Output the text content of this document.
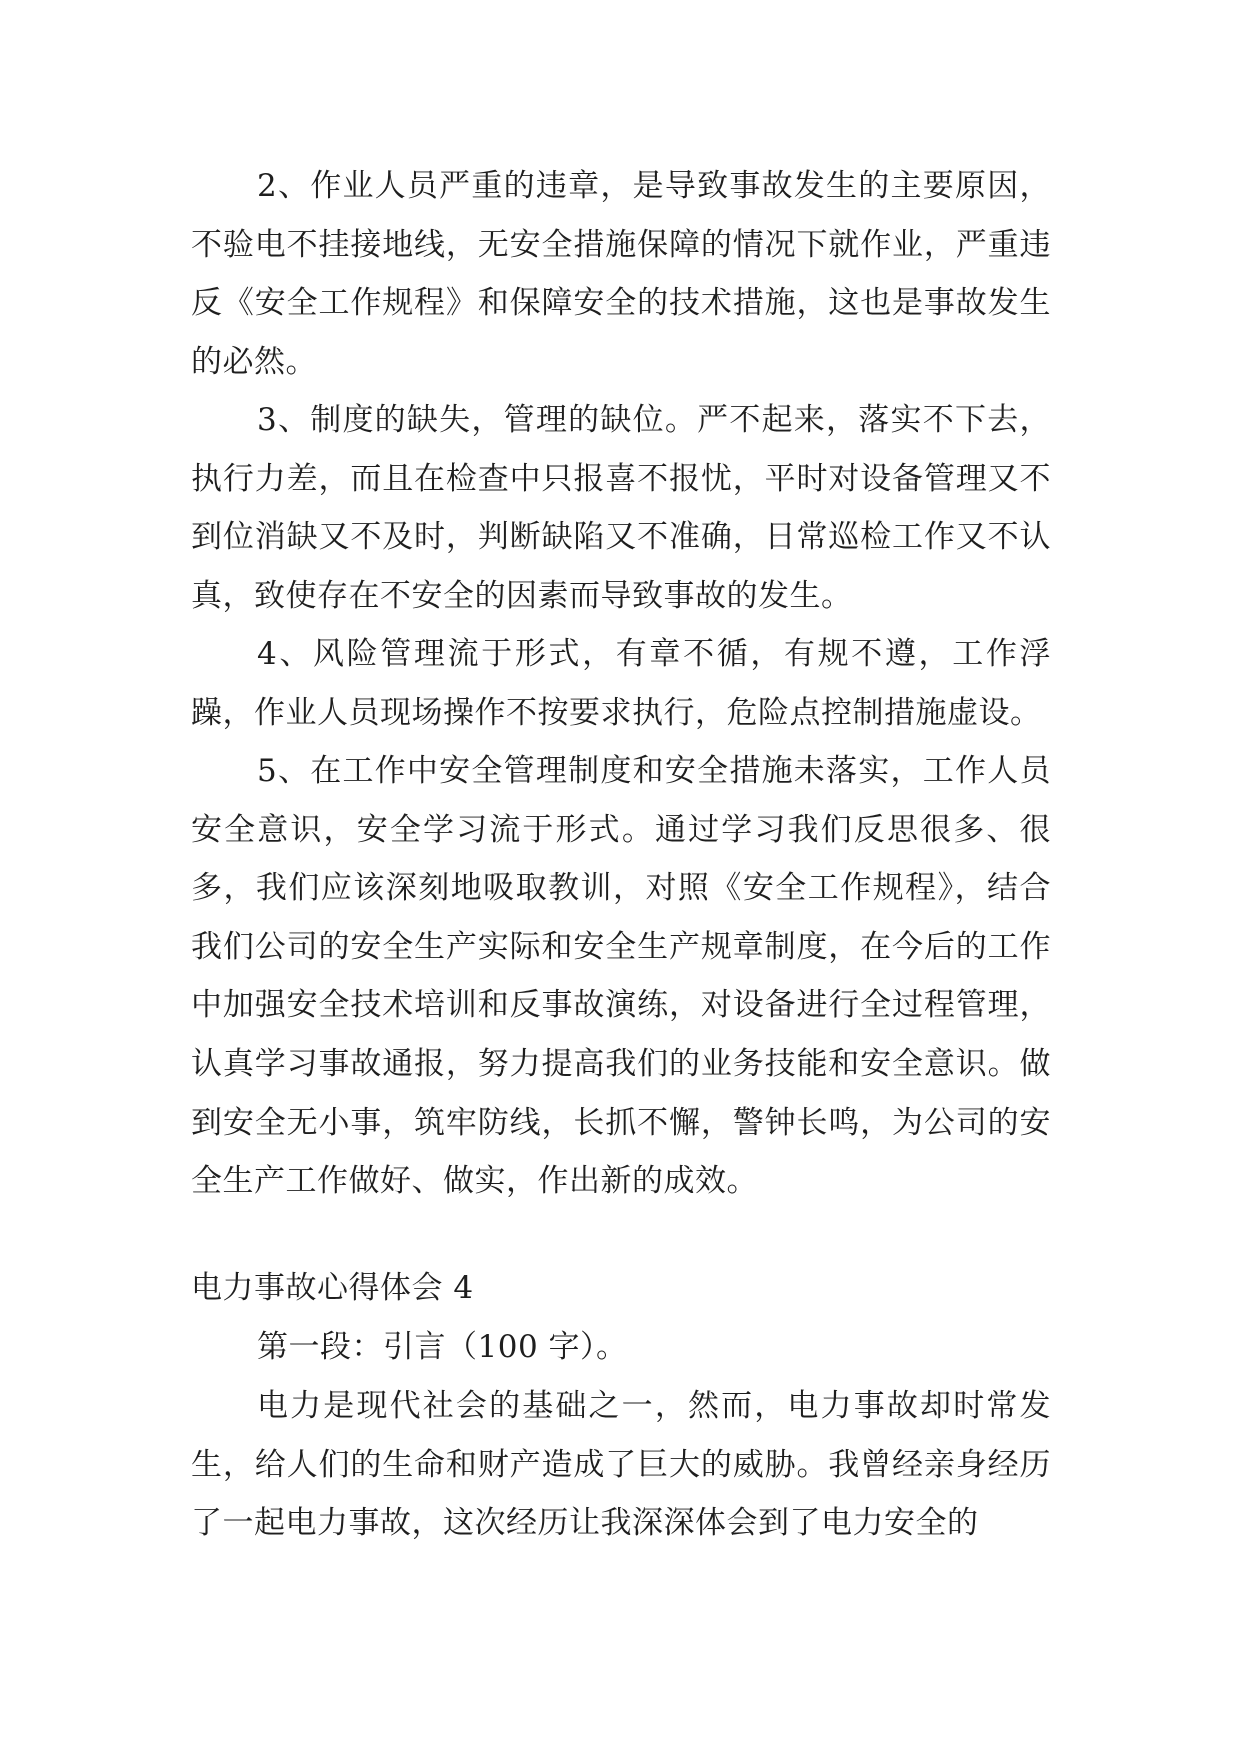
2、作业人员严重的违章，是导致事故发生的主要原因，不验电不挂接地线，无安全措施保障的情况下就作业，严重违反《安全工作规程》和保障安全的技术措施，这也是事故发生的必然。

3、制度的缺失，管理的缺位。严不起来，落实不下去，执行力差，而且在检查中只报喜不报忧，平时对设备管理又不到位消缺又不及时，判断缺陷又不准确，日常巡检工作又不认真，致使存在不安全的因素而导致事故的发生。

4、风险管理流于形式，有章不循，有规不遵，工作浮躁，作业人员现场操作不按要求执行，危险点控制措施虚设。

5、在工作中安全管理制度和安全措施未落实，工作人员安全意识，安全学习流于形式。通过学习我们反思很多、很多，我们应该深刻地吸取教训，对照《安全工作规程》，结合我们公司的安全生产实际和安全生产规章制度，在今后的工作中加强安全技术培训和反事故演练，对设备进行全过程管理，认真学习事故通报，努力提高我们的业务技能和安全意识。做到安全无小事，筑牢防线，长抓不懈，警钟长鸣，为公司的安全生产工作做好、做实，作出新的成效。

电力事故心得体会 4

第一段：引言（100 字）。

电力是现代社会的基础之一，然而，电力事故却时常发生，给人们的生命和财产造成了巨大的威胁。我曾经亲身经历了一起电力事故，这次经历让我深深体会到了电力安全的
